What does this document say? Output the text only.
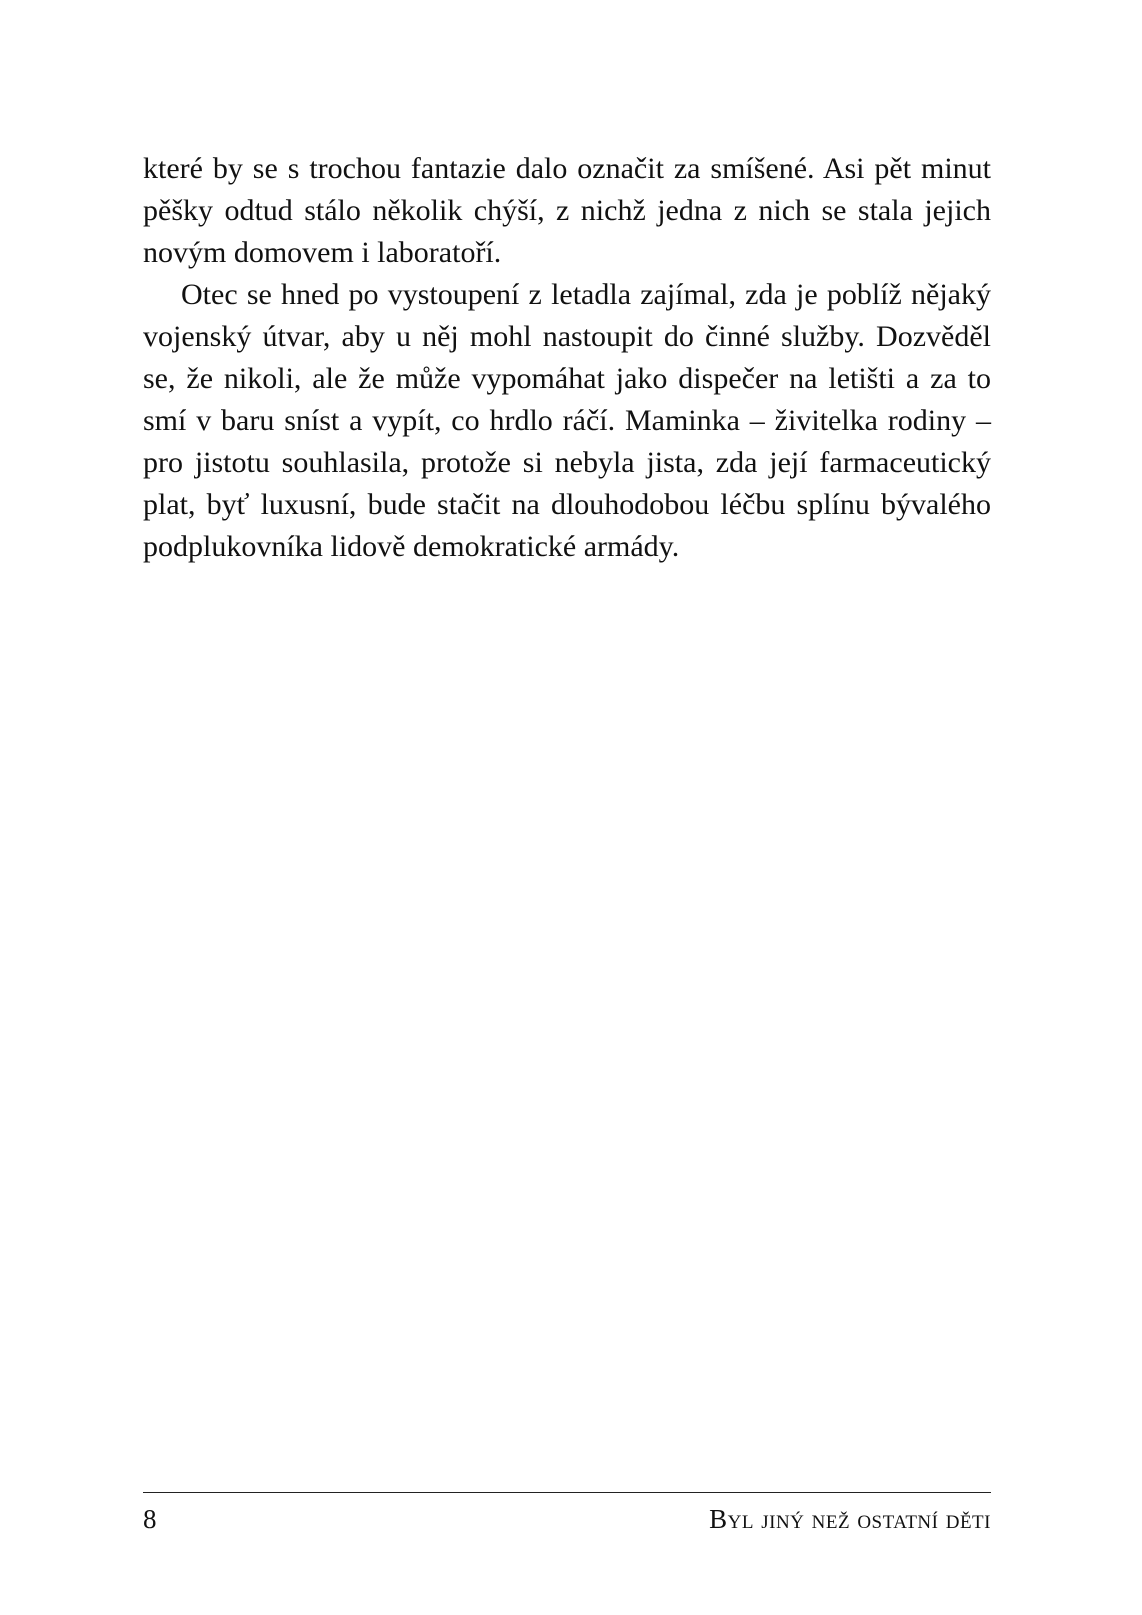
které by se s trochou fantazie dalo označit za smíšené. Asi pět minut pěšky odtud stálo několik chýší, z nichž jedna z nich se stala jejich novým domovem i laboratoří.

Otec se hned po vystoupení z letadla zajímal, zda je poblíž nějaký vojenský útvar, aby u něj mohl nastoupit do činné služby. Dozvěděl se, že nikoli, ale že může vypomáhat jako dispečer na letišti a za to smí v baru sníst a vypít, co hrdlo ráčí. Maminka – živitelka rodiny – pro jistotu souhlasila, protože si nebyla jista, zda její farmaceutický plat, byť luxusní, bude stačit na dlouhodobou léčbu splínu bývalého podplukovníka lidově demokratické armády.

8	Byl jiný než ostatní děti
